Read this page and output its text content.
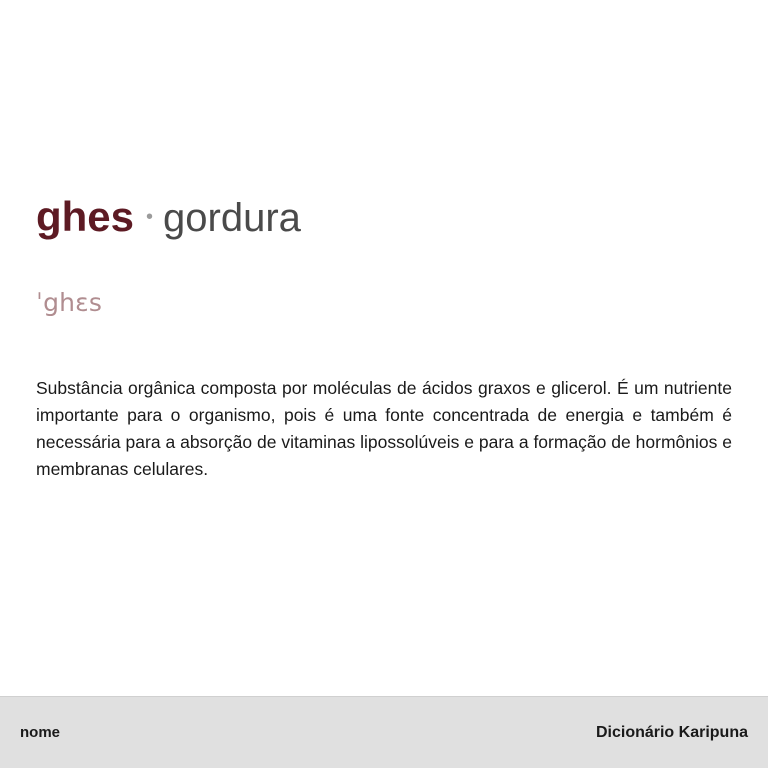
ghes • gordura
ˈghɛs
Substância orgânica composta por moléculas de ácidos graxos e glicerol. É um nutriente importante para o organismo, pois é uma fonte concentrada de energia e também é necessária para a absorção de vitaminas lipossolúveis e para a formação de hormônios e membranas celulares.
nome	Dicionário Karipuna
